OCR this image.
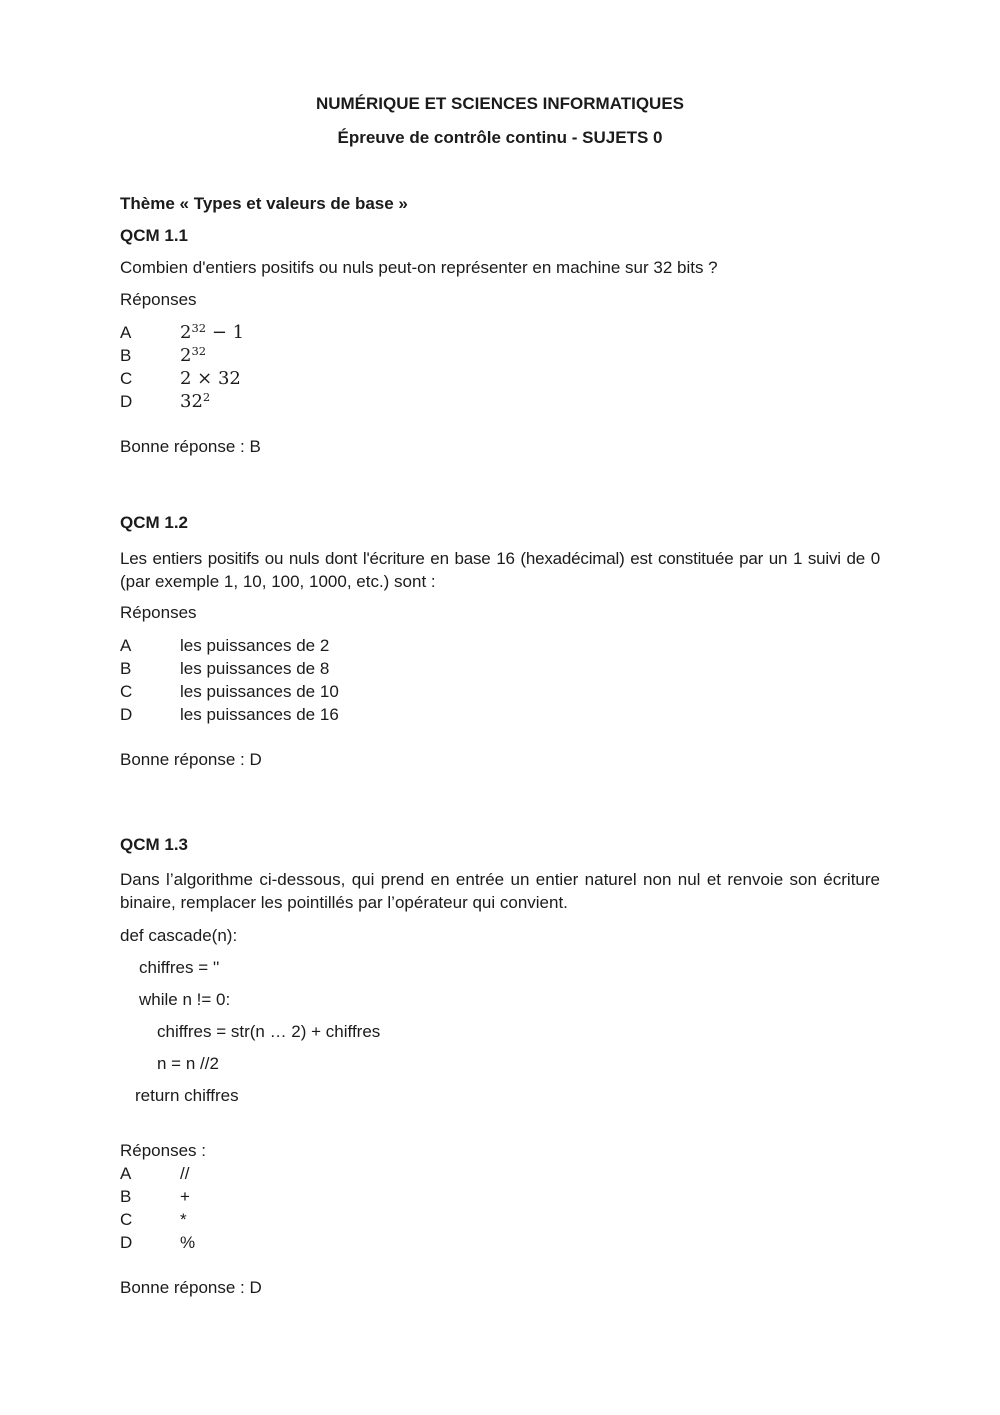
NUMÉRIQUE ET SCIENCES INFORMATIQUES
Épreuve de contrôle continu - SUJETS 0
Thème « Types et valeurs de base »
QCM 1.1
Combien d'entiers positifs ou nuls peut-on représenter en machine sur 32 bits ?
Réponses
A	$2^{32} - 1$
B	$2^{32}$
C	2 × 32
D	$32^2$
Bonne réponse : B
QCM 1.2
Les entiers positifs ou nuls dont l'écriture en base 16 (hexadécimal) est constituée par un 1 suivi de 0
(par exemple 1, 10, 100, 1000, etc.) sont :
Réponses
A	les puissances de 2
B	les puissances de 8
C	les puissances de 10
D	les puissances de 16
Bonne réponse : D
QCM 1.3
Dans l’algorithme ci-dessous, qui prend en entrée un entier naturel non nul et renvoie son écriture
binaire, remplacer les pointillés par l’opérateur qui convient.
def cascade(n):
chiffres = ''
while n != 0:
chiffres = str(n … 2) + chiffres
n = n //2
return chiffres
Réponses :
A	//
B	+
C	*
D	%
Bonne réponse : D
